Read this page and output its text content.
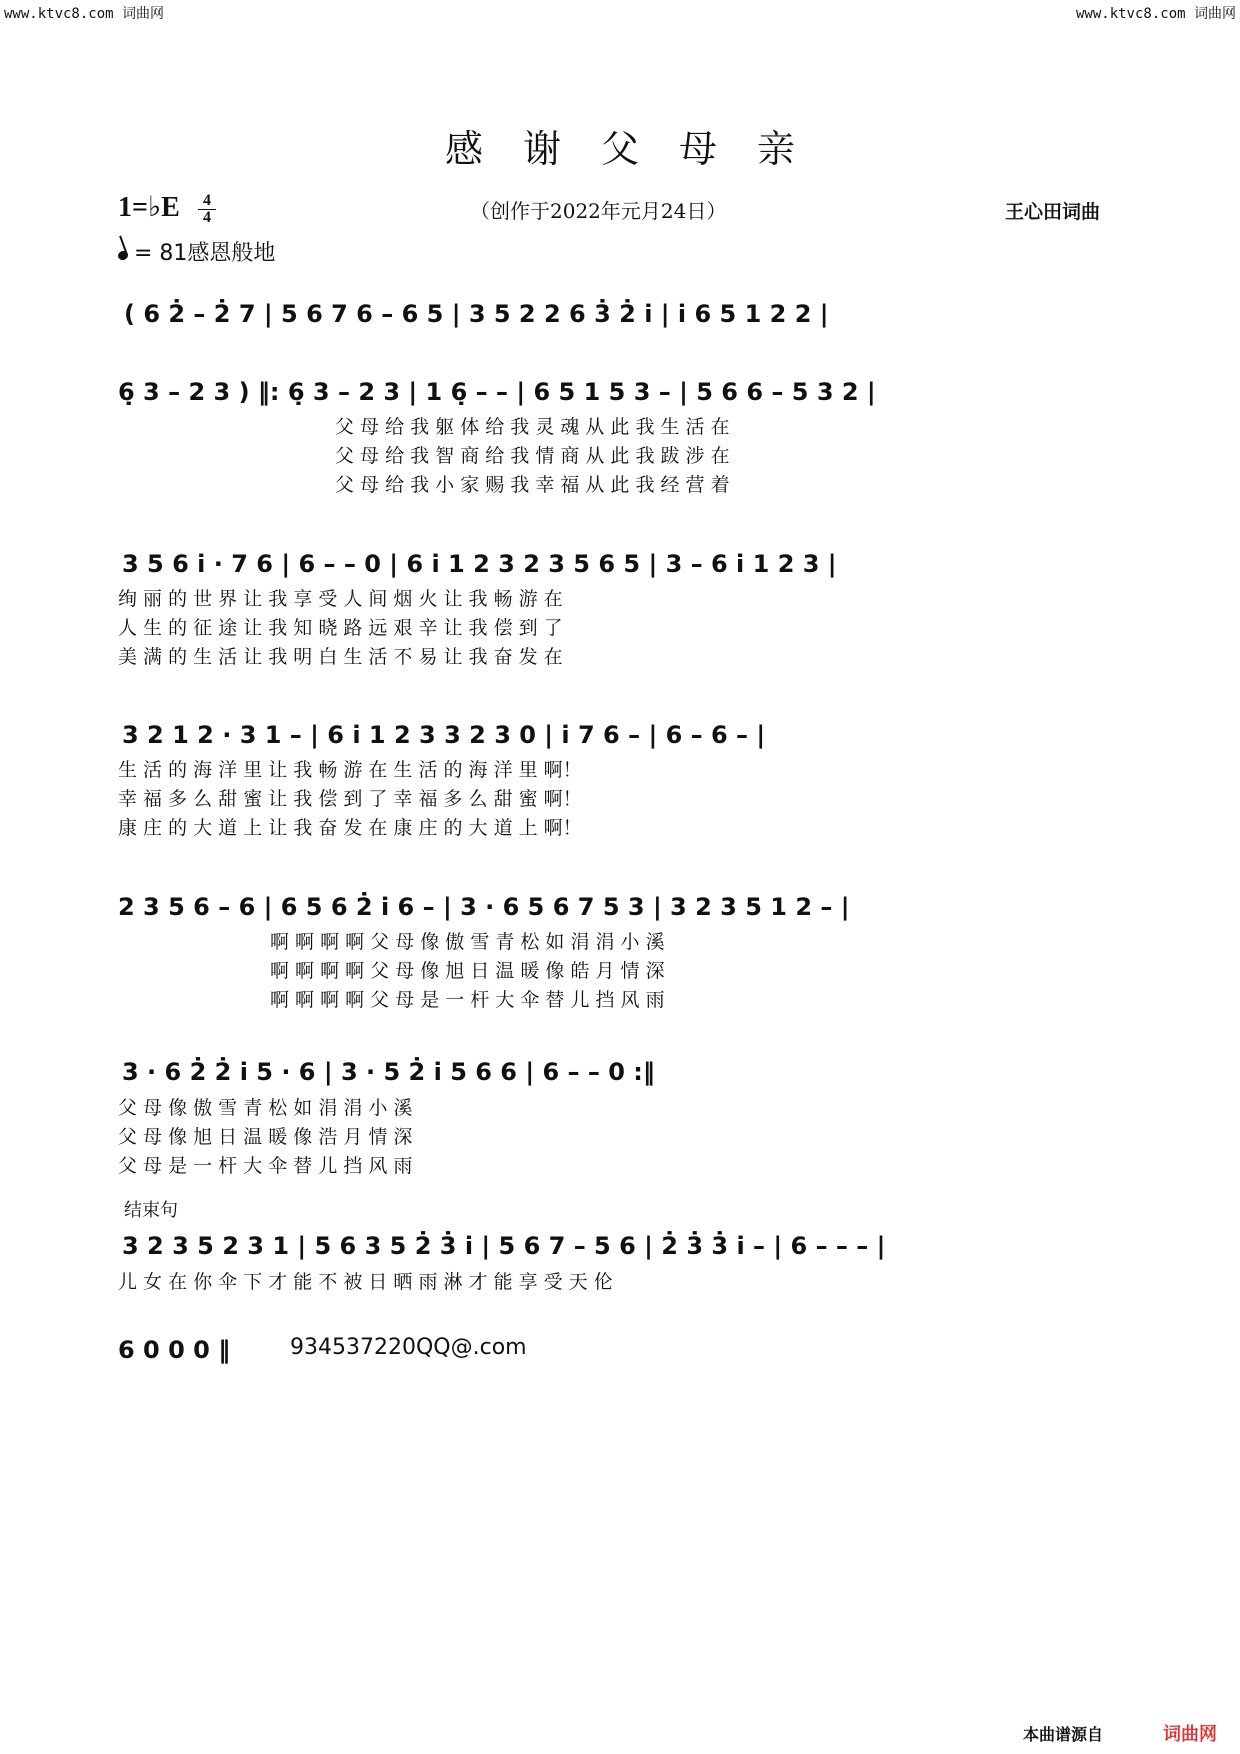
www.ktvc8.com 词曲网	www.ktvc8.com 词曲网
感谢父母亲
1=♭E	4
4	（创作于2022年元月24日）	王心田词曲
= 81感恩般地
( 6 2̇ – 2̇ 7 | 5 6 7 6 – 6 5 | 3 5 2 2 6 3̇ 2̇ i̇ | i̇ 6 5 1 2 2 |
6̣ 3 – 2 3 ) ‖: 6̣ 3 – 2 3 | 1 6̣ – – | 6 5 1 5 3 – | 5 6 6 – 5 3 2 |
父 母 给 我 躯 体 给 我 灵 魂 从 此 我 生 活 在
父 母 给 我 智 商 给 我 情 商 从 此 我 跋 涉 在
父 母 给 我 小 家 赐 我 幸 福 从 此 我 经 营 着
3 5 6 i̇ · 7 6 | 6 – – 0 | 6 i̇ 1 2 3 2 3 5 6 5 | 3 – 6 i̇ 1 2 3 |
绚 丽 的 世 界 让 我 享 受 人 间 烟 火 让 我 畅 游 在
人 生 的 征 途 让 我 知 晓 路 远 艰 辛 让 我 偿 到 了
美 满 的 生 活 让 我 明 白 生 活 不 易 让 我 奋 发 在
3 2 1 2 · 3 1 – | 6 i̇ 1 2 3 3 2 3 0 | i̇ 7 6 – | 6 – 6 – |
生 活 的 海 洋 里 让 我 畅 游 在 生 活 的 海 洋 里 啊！
幸 福 多 么 甜 蜜 让 我 偿 到 了 幸 福 多 么 甜 蜜 啊！
康 庄 的 大 道 上 让 我 奋 发 在 康 庄 的 大 道 上 啊！
2 3 5 6 – 6 | 6 5 6 2̇ i̇ 6 – | 3 · 6 5 6 7 5 3 | 3 2 3 5 1 2 – |
啊 啊 啊 啊 父 母 像 傲 雪 青 松 如 涓 涓 小 溪
啊 啊 啊 啊 父 母 像 旭 日 温 暖 像 皓 月 情 深
啊 啊 啊 啊 父 母 是 一 杆 大 伞 替 儿 挡 风 雨
3 · 6 2̇ 2̇ i̇ 5 · 6 | 3 · 5 2̇ i̇ 5 6 6 | 6 – – 0 :‖
父 母 像 傲 雪 青 松 如 涓 涓 小 溪
父 母 像 旭 日 温 暖 像 浩 月 情 深
父 母 是 一 杆 大 伞 替 儿 挡 风 雨
3 2 3 5 2 3 1 | 5 6 3 5 2̇ 3̇ i̇ | 5 6 7 – 5 6 | 2̇ 3̇ 3̇ i̇ – | 6 – – – |
儿 女 在 你 伞 下 才 能 不 被 日 晒 雨 淋 才 能 享 受 天 伦
6 0 0 0 ‖
结束句
934537220QQ@.com
本曲谱源自	词曲网
